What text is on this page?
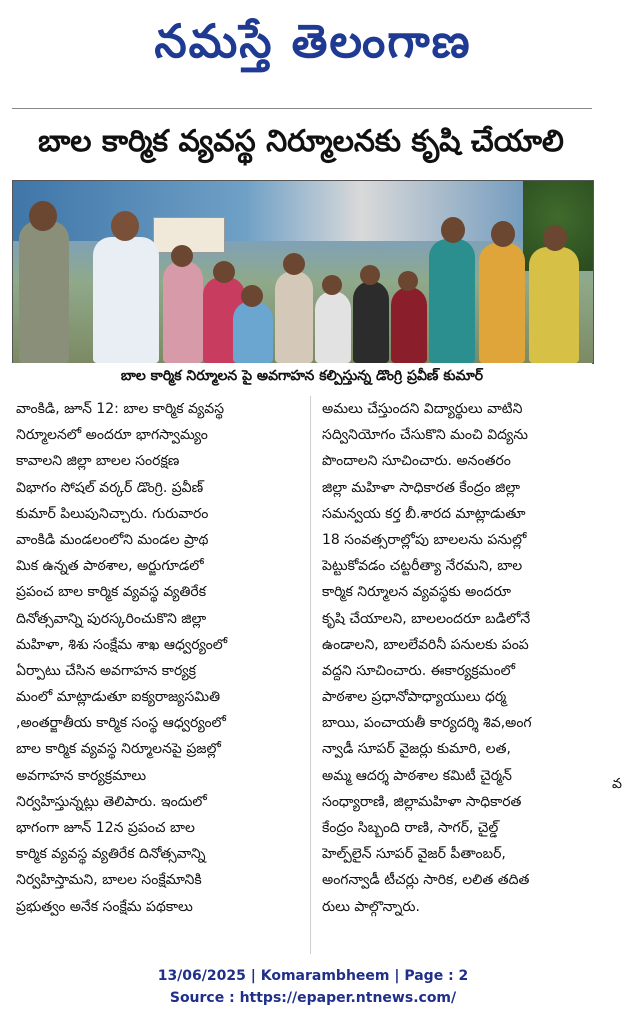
నమస్తే తెలంగాణ
బాల కార్మిక వ్యవస్థ నిర్మూలనకు కృషి చేయాలి
బాల కార్మిక నిర్మూలన పై అవగాహన కల్పిస్తున్న డొంగ్రి ప్రవీణ్ కుమార్
వాంకిడి, జూన్ 12: బాల కార్మిక వ్యవస్థ
నిర్మూలనలో అందరూ భాగస్వామ్యం
కావాలని జిల్లా బాలల సంరక్షణ
విభాగం సోషల్ వర్కర్ డొంగ్రి. ప్రవీణ్
కుమార్ పిలుపునిచ్చారు. గురువారం
వాంకిడి మండలంలోని మండల ప్రాథ
మిక ఉన్నత పాఠశాల, అర్జుగూడలో
ప్రపంచ బాల కార్మిక వ్యవస్థ వ్యతిరేక
దినోత్సవాన్ని పురస్కరించుకొని జిల్లా
మహిళా, శిశు సంక్షేమ శాఖ ఆధ్వర్యంలో
ఏర్పాటు చేసిన అవగాహన కార్యక్ర
మంలో మాట్లాడుతూ ఐక్యరాజ్యసమితి
,అంతర్జాతీయ కార్మిక సంస్థ ఆధ్వర్యంలో
బాల కార్మిక వ్యవస్థ నిర్మూలనపై ప్రజల్లో
అవగాహన కార్యక్రమాలు
నిర్వహిస్తున్నట్లు తెలిపారు. ఇందులో
భాగంగా జూన్ 12న ప్రపంచ బాల
కార్మిక వ్యవస్థ వ్యతిరేక దినోత్సవాన్ని
నిర్వహిస్తామని, బాలల సంక్షేమానికి
ప్రభుత్వం అనేక సంక్షేమ పథకాలు
అమలు చేస్తుందని విద్యార్థులు వాటిని
సద్వినియోగం చేసుకొని మంచి విద్యను
పొందాలని సూచించారు. అనంతరం
జిల్లా మహిళా సాధికారత కేంద్రం జిల్లా
సమన్వయ కర్త బీ.శారద మాట్లాడుతూ
18 సంవత్సరాల్లోపు బాలలను పనుల్లో
పెట్టుకోవడం చట్టరీత్యా నేరమని, బాల
కార్మిక నిర్మూలన వ్యవస్థకు అందరూ
కృషి చేయాలని, బాలలందరూ బడిలోనే
ఉండాలని, బాలలేవరినీ పనులకు పంప
వద్దని సూచించారు. ఈకార్యక్రమంలో
పాఠశాల ప్రధానోపాధ్యాయులు ధర్మ
బాయి, పంచాయతీ కార్యదర్శి శివ,అంగ
న్వాడీ సూపర్ వైజర్లు కుమారి, లత,
అమ్మ ఆదర్శ పాఠశాల కమిటీ చైర్మన్
సంధ్యారాణి, జిల్లామహిళా సాధికారత
కేంద్రం సిబ్బంది రాణి, సాగర్, చైల్డ్
హెల్ప్‌లైన్ సూపర్ వైజర్ పీతాంబర్,
అంగన్వాడీ టీచర్లు సారిక, లలిత తదిత
రులు పాల్గొన్నారు.
వ
13/06/2025 | Komarambheem | Page : 2
Source : https://epaper.ntnews.com/
